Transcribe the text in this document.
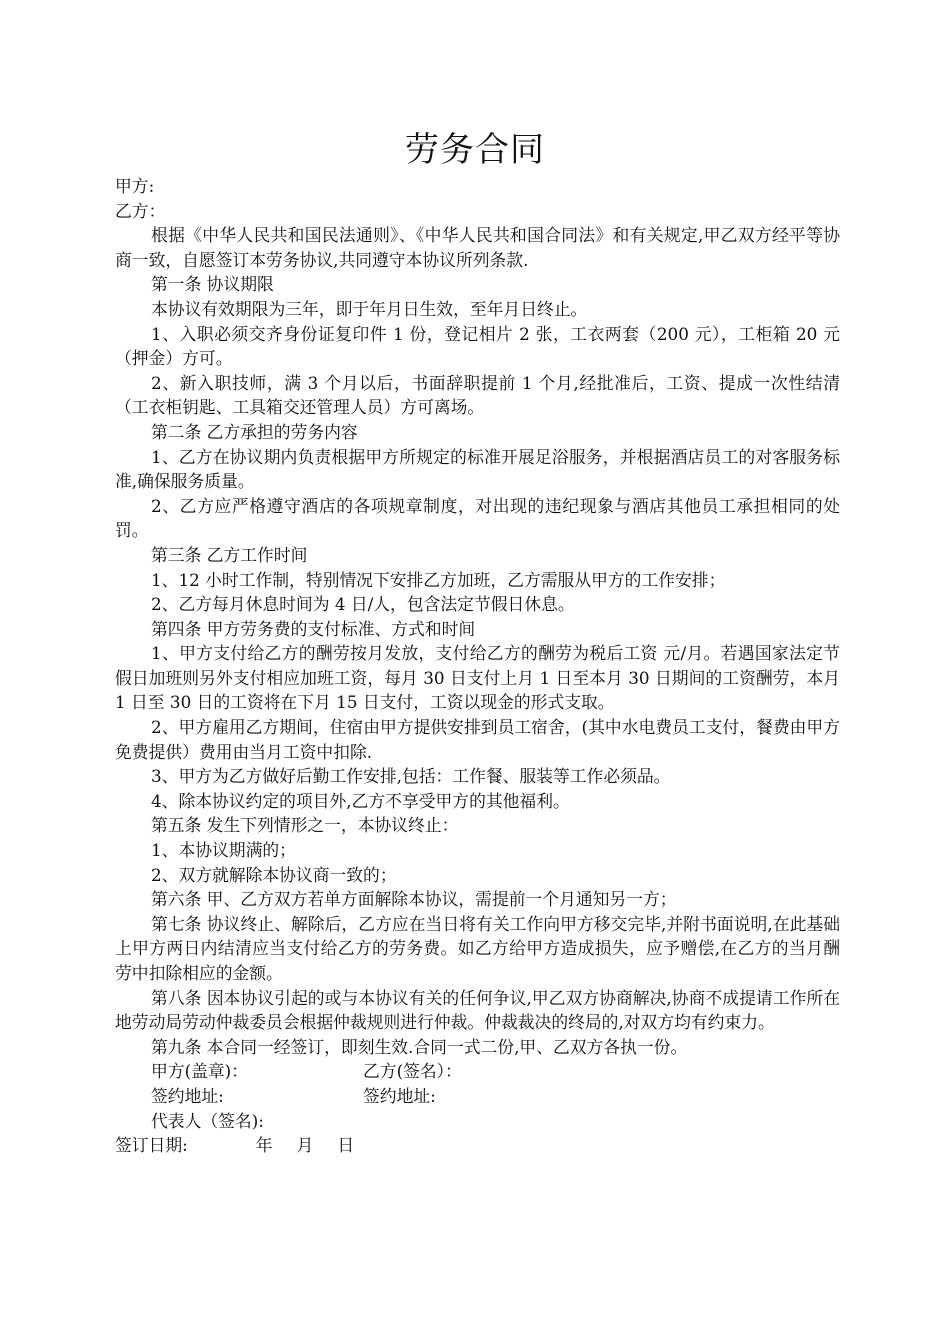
劳务合同

甲方:

乙方：

根据《中华人民共和国民法通则》、《中华人民共和国合同法》和有关规定,甲乙双方经平等协商一致，自愿签订本劳务协议,共同遵守本协议所列条款.

第一条 协议期限

本协议有效期限为三年，即于年月日生效，至年月日终止。

1、入职必须交齐身份证复印件 1 份，登记相片 2 张，工衣两套（200 元），工柜箱 20 元（押金）方可。

2、新入职技师，满 3 个月以后，书面辞职提前 1 个月,经批准后，工资、提成一次性结清（工衣柜钥匙、工具箱交还管理人员）方可离场。

第二条 乙方承担的劳务内容

1、乙方在协议期内负责根据甲方所规定的标准开展足浴服务，并根据酒店员工的对客服务标准,确保服务质量。

2、乙方应严格遵守酒店的各项规章制度，对出现的违纪现象与酒店其他员工承担相同的处罚。

第三条 乙方工作时间

1、12 小时工作制，特别情况下安排乙方加班，乙方需服从甲方的工作安排；

2、乙方每月休息时间为 4 日/人，包含法定节假日休息。

第四条 甲方劳务费的支付标准、方式和时间

1、甲方支付给乙方的酬劳按月发放，支付给乙方的酬劳为税后工资 元/月。若遇国家法定节假日加班则另外支付相应加班工资，每月 30 日支付上月 1 日至本月 30 日期间的工资酬劳，本月 1 日至 30 日的工资将在下月 15 日支付，工资以现金的形式支取。

2、甲方雇用乙方期间，住宿由甲方提供安排到员工宿舍，(其中水电费员工支付，餐费由甲方免费提供）费用由当月工资中扣除.

3、甲方为乙方做好后勤工作安排,包括：工作餐、服装等工作必须品。

4、除本协议约定的项目外,乙方不享受甲方的其他福利。

第五条 发生下列情形之一，本协议终止：

1、本协议期满的；

2、双方就解除本协议商一致的；

第六条 甲、乙方双方若单方面解除本协议，需提前一个月通知另一方；

第七条 协议终止、解除后，乙方应在当日将有关工作向甲方移交完毕,并附书面说明,在此基础上甲方两日内结清应当支付给乙方的劳务费。如乙方给甲方造成损失，应予赠偿,在乙方的当月酬劳中扣除相应的金额。

第八条 因本协议引起的或与本协议有关的任何争议,甲乙双方协商解决,协商不成提请工作所在地劳动局劳动仲裁委员会根据仲裁规则进行仲裁。仲裁裁决的终局的,对双方均有约束力。

第九条 本合同一经签订，即刻生效.合同一式二份,甲、乙双方各执一份。

甲方(盖章)：	乙方(签名）：
签约地址:	签约地址:
代表人（签名):

签订日期:	年 月 日
